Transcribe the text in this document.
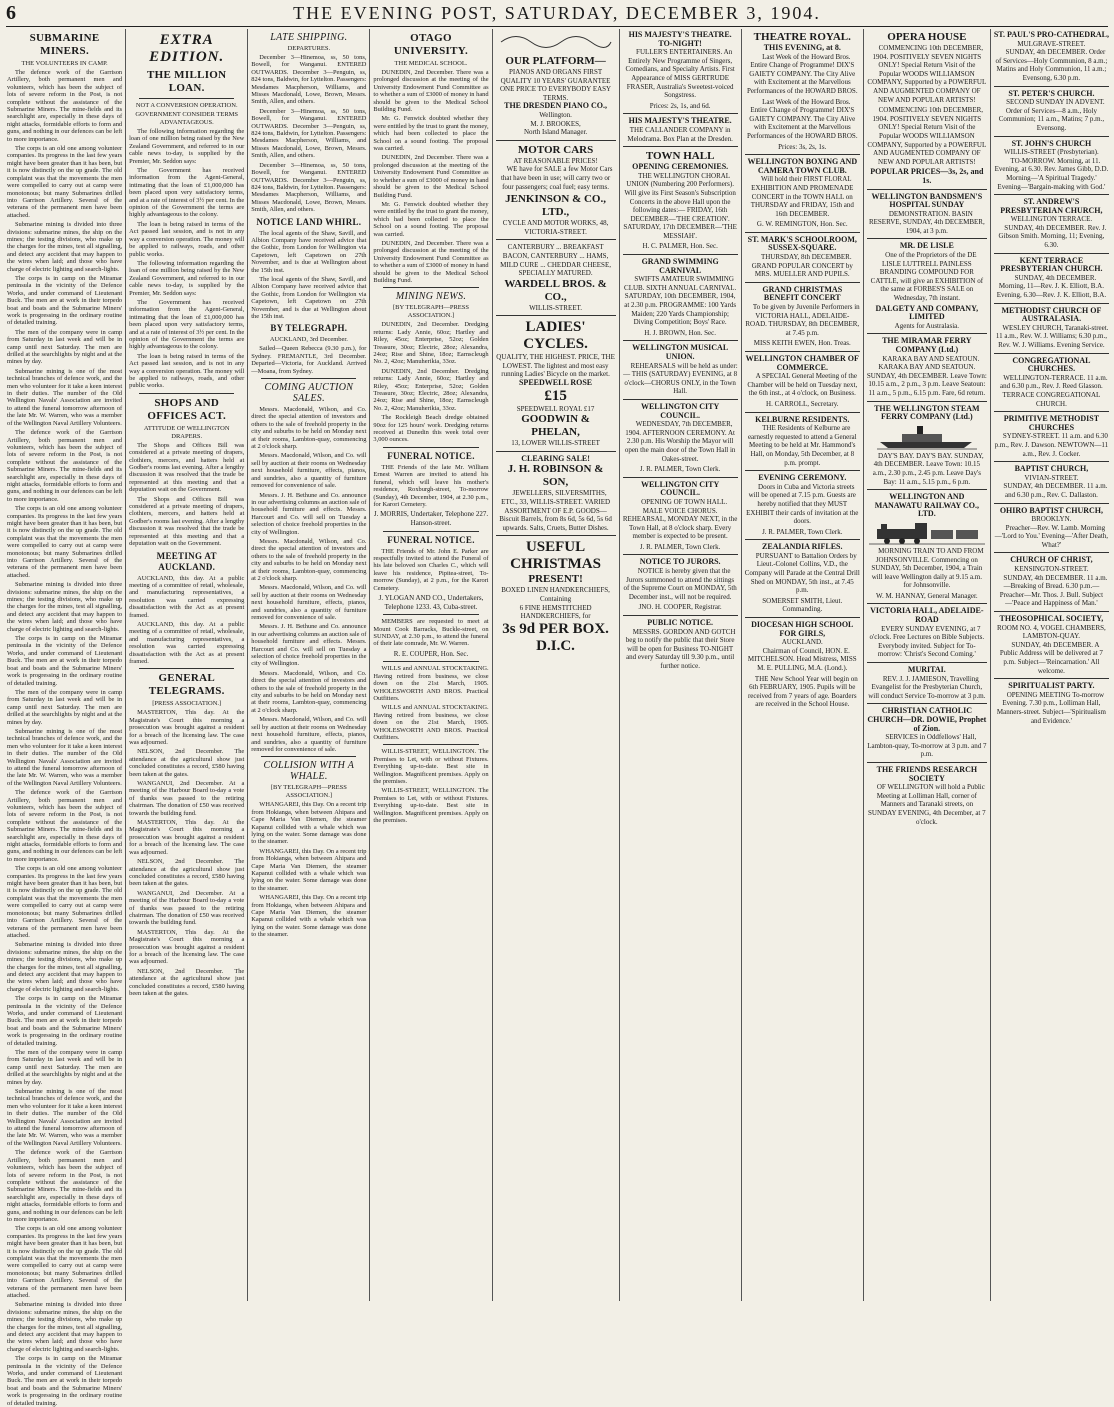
6	THE EVENING POST, SATURDAY, DECEMBER 3, 1904.
SUBMARINE MINERS.
THE VOLUNTEERS IN CAMP.

The defence work of the Garrison Artillery, both permanent men and volunteers, which has been the subject of lots of severe reform in the Post, is not complete without the assistance of the Submarine Miners. The mine-fields and its searchlight are, especially in these days of night attacks, formidable efforts to form and guns, and nothing in our defences can be left to more importance.

The corps is an old one among volunteer companies. Its progress in the last few years might have been greater than it has been, but it is now distinctly on the up grade. The old complaint was that the movements the men were compelled to carry out at camp were monotonous; but many Submarines drilled into Garrison Artillery. Several of the veterans of the permanent men have been attached.

Submarine mining is divided into three divisions: submarine mines, the ship on the mines; the testing divisions, who make up the charges for the mines, test all signalling, and detect any accident that may happen to the wires when laid; and those who have charge of electric lighting and search-lights.

The corps is in camp on the Miramar peninsula in the vicinity of the Defence Works, and under command of Lieutenant Buck. The men are at work in their torpedo boat and boats and the Submarine Miners' work is progressing in the ordinary routine of detailed training.

The men of the company were in camp from Saturday in last week and will be in camp until next Saturday. The men are drilled at the searchlights by night and at the mines by day.

Submarine mining is one of the most technical branches of defence work, and the men who volunteer for it take a keen interest in their duties. The number of the Old Wellington Navals' Association are invited to attend the funeral tomorrow afternoon of the late Mr. W. Warren, who was a member of the Wellington Naval Artillery Volunteers.

The defence work of the Garrison Artillery, both permanent men and volunteers, which has been the subject of lots of severe reform in the Post, is not complete without the assistance of the Submarine Miners. The mine-fields and its searchlight are, especially in these days of night attacks, formidable efforts to form and guns, and nothing in our defences can be left to more importance.

The corps is an old one among volunteer companies. Its progress in the last few years might have been greater than it has been, but it is now distinctly on the up grade. The old complaint was that the movements the men were compelled to carry out at camp were monotonous; but many Submarines drilled into Garrison Artillery. Several of the veterans of the permanent men have been attached.

Submarine mining is divided into three divisions: submarine mines, the ship on the mines; the testing divisions, who make up the charges for the mines, test all signalling, and detect any accident that may happen to the wires when laid; and those who have charge of electric lighting and search-lights.

The corps is in camp on the Miramar peninsula in the vicinity of the Defence Works, and under command of Lieutenant Buck. The men are at work in their torpedo boat and boats and the Submarine Miners' work is progressing in the ordinary routine of detailed training.

The men of the company were in camp from Saturday in last week and will be in camp until next Saturday. The men are drilled at the searchlights by night and at the mines by day.

Submarine mining is one of the most technical branches of defence work, and the men who volunteer for it take a keen interest in their duties. The number of the Old Wellington Navals' Association are invited to attend the funeral tomorrow afternoon of the late Mr. W. Warren, who was a member of the Wellington Naval Artillery Volunteers.

The defence work of the Garrison Artillery, both permanent men and volunteers, which has been the subject of lots of severe reform in the Post, is not complete without the assistance of the Submarine Miners. The mine-fields and its searchlight are, especially in these days of night attacks, formidable efforts to form and guns, and nothing in our defences can be left to more importance.

The corps is an old one among volunteer companies. Its progress in the last few years might have been greater than it has been, but it is now distinctly on the up grade. The old complaint was that the movements the men were compelled to carry out at camp were monotonous; but many Submarines drilled into Garrison Artillery. Several of the veterans of the permanent men have been attached.

Submarine mining is divided into three divisions: submarine mines, the ship on the mines; the testing divisions, who make up the charges for the mines, test all signalling, and detect any accident that may happen to the wires when laid; and those who have charge of electric lighting and search-lights.

The corps is in camp on the Miramar peninsula in the vicinity of the Defence Works, and under command of Lieutenant Buck. The men are at work in their torpedo boat and boats and the Submarine Miners' work is progressing in the ordinary routine of detailed training.

The men of the company were in camp from Saturday in last week and will be in camp until next Saturday. The men are drilled at the searchlights by night and at the mines by day.

Submarine mining is one of the most technical branches of defence work, and the men who volunteer for it take a keen interest in their duties. The number of the Old Wellington Navals' Association are invited to attend the funeral tomorrow afternoon of the late Mr. W. Warren, who was a member of the Wellington Naval Artillery Volunteers.

The defence work of the Garrison Artillery, both permanent men and volunteers, which has been the subject of lots of severe reform in the Post, is not complete without the assistance of the Submarine Miners. The mine-fields and its searchlight are, especially in these days of night attacks, formidable efforts to form and guns, and nothing in our defences can be left to more importance.

The corps is an old one among volunteer companies. Its progress in the last few years might have been greater than it has been, but it is now distinctly on the up grade. The old complaint was that the movements the men were compelled to carry out at camp were monotonous; but many Submarines drilled into Garrison Artillery. Several of the veterans of the permanent men have been attached.

Submarine mining is divided into three divisions: submarine mines, the ship on the mines; the testing divisions, who make up the charges for the mines, test all signalling, and detect any accident that may happen to the wires when laid; and those who have charge of electric lighting and search-lights.

The corps is in camp on the Miramar peninsula in the vicinity of the Defence Works, and under command of Lieutenant Buck. The men are at work in their torpedo boat and boats and the Submarine Miners' work is progressing in the ordinary routine of detailed training.

EXTRA EDITION.
THE MILLION LOAN.
NOT A CONVERSION OPERATION.
GOVERNMENT CONSIDER TERMS ADVANTAGEOUS.

The following information regarding the loan of one million being raised by the New Zealand Government, and referred to in our cable news to-day, is supplied by the Premier, Mr. Seddon says:

The Government has received information from the Agent-General, intimating that the loan of £1,000,000 has been placed upon very satisfactory terms, and at a rate of interest of 3½ per cent. In the opinion of the Government the terms are highly advantageous to the colony.

The loan is being raised in terms of the Act passed last session, and is not in any way a conversion operation. The money will be applied to railways, roads, and other public works.

The following information regarding the loan of one million being raised by the New Zealand Government, and referred to in our cable news to-day, is supplied by the Premier, Mr. Seddon says:

The Government has received information from the Agent-General, intimating that the loan of £1,000,000 has been placed upon very satisfactory terms, and at a rate of interest of 3½ per cent. In the opinion of the Government the terms are highly advantageous to the colony.

The loan is being raised in terms of the Act passed last session, and is not in any way a conversion operation. The money will be applied to railways, roads, and other public works.

SHOPS AND OFFICES ACT.
ATTITUDE OF WELLINGTON DRAPERS.

The Shops and Offices Bill was considered at a private meeting of drapers, clothiers, mercers, and hatters held at Godber's rooms last evening. After a lengthy discussion it was resolved that the trade be represented at this meeting and that a deputation wait on the Government.

The Shops and Offices Bill was considered at a private meeting of drapers, clothiers, mercers, and hatters held at Godber's rooms last evening. After a lengthy discussion it was resolved that the trade be represented at this meeting and that a deputation wait on the Government.

MEETING AT AUCKLAND.

AUCKLAND, this day. At a public meeting of a committee of retail, wholesale, and manufacturing representatives, a resolution was carried expressing dissatisfaction with the Act as at present framed.

AUCKLAND, this day. At a public meeting of a committee of retail, wholesale, and manufacturing representatives, a resolution was carried expressing dissatisfaction with the Act as at present framed.

GENERAL TELEGRAMS.
[PRESS ASSOCIATION.]

MASTERTON, This day. At the Magistrate's Court this morning a prosecution was brought against a resident for a breach of the licensing law. The case was adjourned.

NELSON, 2nd December. The attendance at the agricultural show just concluded constitutes a record, £580 having been taken at the gates.

WANGANUI, 2nd December. At a meeting of the Harbour Board to-day a vote of thanks was passed to the retiring chairman. The donation of £50 was received towards the building fund.

MASTERTON, This day. At the Magistrate's Court this morning a prosecution was brought against a resident for a breach of the licensing law. The case was adjourned.

NELSON, 2nd December. The attendance at the agricultural show just concluded constitutes a record, £580 having been taken at the gates.

WANGANUI, 2nd December. At a meeting of the Harbour Board to-day a vote of thanks was passed to the retiring chairman. The donation of £50 was received towards the building fund.

MASTERTON, This day. At the Magistrate's Court this morning a prosecution was brought against a resident for a breach of the licensing law. The case was adjourned.

NELSON, 2nd December. The attendance at the agricultural show just concluded constitutes a record, £580 having been taken at the gates.

LATE SHIPPING.
DEPARTURES.

December 3—Hinemoa, ss, 50 tons, Bowell, for Wanganui. ENTERED OUTWARDS. December 3—Penguin, ss, 824 tons, Baldwin, for Lyttelton. Passengers: Mesdames Macpherson, Williams, and Misses Macdonald, Lowe, Brown, Messrs. Smith, Allen, and others.

December 3—Hinemoa, ss, 50 tons, Bowell, for Wanganui. ENTERED OUTWARDS. December 3—Penguin, ss, 824 tons, Baldwin, for Lyttelton. Passengers: Mesdames Macpherson, Williams, and Misses Macdonald, Lowe, Brown, Messrs. Smith, Allen, and others.

December 3—Hinemoa, ss, 50 tons, Bowell, for Wanganui. ENTERED OUTWARDS. December 3—Penguin, ss, 824 tons, Baldwin, for Lyttelton. Passengers: Mesdames Macpherson, Williams, and Misses Macdonald, Lowe, Brown, Messrs. Smith, Allen, and others.

NOTICE LAND WHIRL.

The local agents of the Shaw, Savill, and Albion Company have received advice that the Gothic, from London for Wellington via Capetown, left Capetown on 27th November, and is due at Wellington about the 15th inst.

The local agents of the Shaw, Savill, and Albion Company have received advice that the Gothic, from London for Wellington via Capetown, left Capetown on 27th November, and is due at Wellington about the 15th inst.

BY TELEGRAPH.
AUCKLAND, 3rd December.

Sailed—Queen Rebecca (9.30 p.m.), for Sydney. FREMANTLE, 3rd December. Departed—Victoria, for Auckland. Arrived—Moana, from Sydney.

COMING AUCTION SALES.

Messrs. Macdonald, Wilson, and Co. direct the special attention of investors and others to the sale of freehold property in the city and suburbs to be held on Monday next at their rooms, Lambton-quay, commencing at 2 o'clock sharp.

Messrs. Macdonald, Wilson, and Co. will sell by auction at their rooms on Wednesday next household furniture, effects, pianos, and sundries, also a quantity of furniture removed for convenience of sale.

Messrs. J. H. Bethune and Co. announce in our advertising columns an auction sale of household furniture and effects. Messrs. Harcourt and Co. will sell on Tuesday a selection of choice freehold properties in the city of Wellington.

Messrs. Macdonald, Wilson, and Co. direct the special attention of investors and others to the sale of freehold property in the city and suburbs to be held on Monday next at their rooms, Lambton-quay, commencing at 2 o'clock sharp.

Messrs. Macdonald, Wilson, and Co. will sell by auction at their rooms on Wednesday next household furniture, effects, pianos, and sundries, also a quantity of furniture removed for convenience of sale.

Messrs. J. H. Bethune and Co. announce in our advertising columns an auction sale of household furniture and effects. Messrs. Harcourt and Co. will sell on Tuesday a selection of choice freehold properties in the city of Wellington.

Messrs. Macdonald, Wilson, and Co. direct the special attention of investors and others to the sale of freehold property in the city and suburbs to be held on Monday next at their rooms, Lambton-quay, commencing at 2 o'clock sharp.

Messrs. Macdonald, Wilson, and Co. will sell by auction at their rooms on Wednesday next household furniture, effects, pianos, and sundries, also a quantity of furniture removed for convenience of sale.

COLLISION WITH A WHALE.
[BY TELEGRAPH—PRESS ASSOCIATION.]

WHANGAREI, this Day. On a recent trip from Hokianga, when between Ahipara and Cape Maria Van Diemen, the steamer Kapanui collided with a whale which was lying on the water. Some damage was done to the steamer.

WHANGAREI, this Day. On a recent trip from Hokianga, when between Ahipara and Cape Maria Van Diemen, the steamer Kapanui collided with a whale which was lying on the water. Some damage was done to the steamer.

WHANGAREI, this Day. On a recent trip from Hokianga, when between Ahipara and Cape Maria Van Diemen, the steamer Kapanui collided with a whale which was lying on the water. Some damage was done to the steamer.

OTAGO UNIVERSITY.
THE MEDICAL SCHOOL.

DUNEDIN, 2nd December. There was a prolonged discussion at the meeting of the University Endowment Fund Committee as to whether a sum of £3000 of money in hand should be given to the Medical School Building Fund.

Mr. G. Fenwick doubted whether they were entitled by the trust to grant the money, which had been collected to place the School on a sound footing. The proposal was carried.

DUNEDIN, 2nd December. There was a prolonged discussion at the meeting of the University Endowment Fund Committee as to whether a sum of £3000 of money in hand should be given to the Medical School Building Fund.

Mr. G. Fenwick doubted whether they were entitled by the trust to grant the money, which had been collected to place the School on a sound footing. The proposal was carried.

DUNEDIN, 2nd December. There was a prolonged discussion at the meeting of the University Endowment Fund Committee as to whether a sum of £3000 of money in hand should be given to the Medical School Building Fund.

MINING NEWS.
[BY TELEGRAPH—PRESS ASSOCIATION.]

DUNEDIN, 2nd December. Dredging returns: Lady Annie, 60oz; Hartley and Riley, 45oz; Enterprise, 52oz; Golden Treasure, 30oz; Electric, 28oz; Alexandra, 24oz; Rise and Shine, 18oz; Earnscleugh No. 2, 42oz; Manuherikia, 33oz.

DUNEDIN, 2nd December. Dredging returns: Lady Annie, 60oz; Hartley and Riley, 45oz; Enterprise, 52oz; Golden Treasure, 30oz; Electric, 28oz; Alexandra, 24oz; Rise and Shine, 18oz; Earnscleugh No. 2, 42oz; Manuherikia, 33oz.

The Rockleigh Beach dredge obtained 90oz for 125 hours' work. Dredging returns received at Dunedin this week total over 3,000 ounces.

FUNERAL NOTICE.

THE Friends of the late Mr. William Ernest Warren are invited to attend his funeral, which will leave his mother's residence, Roxburgh-street, To-morrow (Sunday), 4th December, 1904, at 2.30 p.m., for Karori Cemetery.

J. MORRIS, Undertaker, Telephone 227. Hanson-street.
FUNERAL NOTICE.

THE Friends of Mr. John E. Parker are respectfully invited to attend the Funeral of his late beloved son Charles C., which will leave his residence, Pipitea-street, To-morrow (Sunday), at 2 p.m., for the Karori Cemetery.

J. YLOGAN AND CO., Undertakers, Telephone 1233. 43, Cuba-street.

MEMBERS are requested to meet at Mount Cook Barracks, Buckle-street, on SUNDAY, at 2.30 p.m., to attend the funeral of their late comrade, Mr. W. Warren.

R. E. COUPER, Hon. Sec.

WILLS and ANNUAL STOCKTAKING. Having retired from business, we close down on the 21st March, 1905. WHOLESWORTH AND BROS. Practical Outfitters.

WILLS and ANNUAL STOCKTAKING. Having retired from business, we close down on the 21st March, 1905. WHOLESWORTH AND BROS. Practical Outfitters.

WILLIS-STREET, WELLINGTON. The Premises to Let, with or without Fixtures. Everything up-to-date. Best site in Wellington. Magnificent premises. Apply on the premises.

WILLIS-STREET, WELLINGTON. The Premises to Let, with or without Fixtures. Everything up-to-date. Best site in Wellington. Magnificent premises. Apply on the premises.

OUR PLATFORM—
PIANOS AND ORGANS FIRST QUALITY 10 YEARS' GUARANTEE ONE PRICE TO EVERYBODY EASY TERMS.
THE DRESDEN PIANO CO.,
Wellington.
M. J. BROOKES,
North Island Manager.
MOTOR CARS
AT REASONABLE PRICES!

WE have for SALE a few Motor Cars that have been in use; will carry two or four passengers; coal fuel; easy terms.

JENKINSON & CO., LTD.,
CYCLE AND MOTOR WORKS, 48, VICTORIA-STREET.
CANTERBURY ... BREAKFAST BACON, CANTERBURY ... HAMS, MILD CURE ... CHEDDAR CHEESE, SPECIALLY MATURED.
WARDELL BROS. & CO.,
WILLIS-STREET.
LADIES' CYCLES.
QUALITY, THE HIGHEST. PRICE, THE LOWEST. The lightest and most easy running Ladies' Bicycle on the market.
SPEEDWELL ROSE
£15
SPEEDWELL ROYAL £17
GOODWIN & PHELAN,
13, LOWER WILLIS-STREET
CLEARING SALE!
J. H. ROBINSON & SON,

JEWELLERS, SILVERSMITHS, ETC., 33, WILLIS-STREET. VARIED ASSORTMENT OF E.P. GOODS— Biscuit Barrels, from 8s 6d, 5s 6d, 5s 6d upwards. Salts, Cruets, Butter Dishes.

USEFUL
CHRISTMAS
PRESENT!
BOXED LINEN HANDKERCHIEFS,
Containing
6 FINE HEMSTITCHED HANDKERCHIEFS, for
3s 9d PER BOX.
D.I.C.
HIS MAJESTY'S THEATRE. TO-NIGHT!

FULLER'S ENTERTAINERS. An Entirely New Programme of Singers, Comedians, and Specialty Artists. First Appearance of MISS GERTRUDE FRASER, Australia's Sweetest-voiced Songstress.

Prices: 2s, 1s, and 6d.
HIS MAJESTY'S THEATRE.
THE CALLANDER COMPANY in Melodrama. Box Plan at the Dresden.
TOWN HALL
OPENING CEREMONIES.

THE WELLINGTON CHORAL UNION (Numbering 200 Performers). Will give its First Season's Subscription Concerts in the above Hall upon the following dates:— FRIDAY, 16th DECEMBER—'THE CREATION'. SATURDAY, 17th DECEMBER—'THE MESSIAH'.

H. C. PALMER, Hon. Sec.
GRAND SWIMMING CARNIVAL

SWIFTS AMATEUR SWIMMING CLUB. SIXTH ANNUAL CARNIVAL. SATURDAY, 10th DECEMBER, 1904, at 2.30 p.m. PROGRAMME: 100 Yards Maiden; 220 Yards Championship; Diving Competition; Boys' Race.

H. J. BROWN, Hon. Sec.
WELLINGTON MUSICAL UNION.

REHEARSALS will be held as under:— THIS (SATURDAY) EVENING, at 8 o'clock—CHORUS ONLY, in the Town Hall.

WELLINGTON CITY COUNCIL.

WEDNESDAY, 7th DECEMBER, 1904. AFTERNOON CEREMONY. At 2.30 p.m. His Worship the Mayor will open the main door of the Town Hall in Oakes-street.

J. R. PALMER, Town Clerk.
WELLINGTON CITY COUNCIL.

OPENING OF TOWN HALL. MALE VOICE CHORUS. REHEARSAL, MONDAY NEXT, in the Town Hall, at 8 o'clock sharp. Every member is expected to be present.

J. R. PALMER, Town Clerk.
NOTICE TO JURORS.

NOTICE is hereby given that the Jurors summoned to attend the sittings of the Supreme Court on MONDAY, 5th December inst., will not be required.

JNO. H. COOPER, Registrar.
PUBLIC NOTICE.

MESSRS. GORDON AND GOTCH beg to notify the public that their Store will be open for Business TO-NIGHT and every Saturday till 9.30 p.m., until further notice.

THEATRE ROYAL.
THIS EVENING, at 8.

Last Week of the Howard Bros. Entire Change of Programme! DIX'S GAIETY COMPANY. The City Alive with Excitement at the Marvellous Performances of the HOWARD BROS.

Last Week of the Howard Bros. Entire Change of Programme! DIX'S GAIETY COMPANY. The City Alive with Excitement at the Marvellous Performances of the HOWARD BROS.

Prices: 3s, 2s, 1s.
WELLINGTON BOXING AND CAMERA TOWN CLUB.

Will hold their FIRST FLORAL EXHIBITION AND PROMENADE CONCERT in the TOWN HALL on THURSDAY and FRIDAY, 15th and 16th DECEMBER.

G. W. REMINGTON, Hon. Sec.
ST. MARK'S SCHOOLROOM, SUSSEX-SQUARE.

THURSDAY, 8th DECEMBER. GRAND POPULAR CONCERT by MRS. MUELLER AND PUPILS.

GRAND CHRISTMAS BENEFIT CONCERT

To be given by Juvenile Performers in VICTORIA HALL, ADELAIDE-ROAD. THURSDAY, 8th DECEMBER, at 7.45 p.m.

MISS KEITH EWEN, Hon. Treas.
WELLINGTON CHAMBER OF COMMERCE.

A SPECIAL General Meeting of the Chamber will be held on Tuesday next, the 6th inst., at 4 o'clock, on Business.

H. CARROLL, Secretary.
KELBURNE RESIDENTS.

THE Residents of Kelburne are earnestly requested to attend a General Meeting to be held at Mr. Hammond's Hall, on Monday, 5th December, at 8 p.m. prompt.

EVENING CEREMONY.

Doors in Cuba and Victoria streets will be opened at 7.15 p.m. Guests are hereby notified that they MUST EXHIBIT their cards of invitation at the doors.

J. R. PALMER, Town Clerk.
ZEALANDIA RIFLES.

PURSUANT to Battalion Orders by Lieut.-Colonel Collins, V.D., the Company will Parade at the Central Drill Shed on MONDAY, 5th inst., at 7.45 p.m.

SOMERSET SMITH, Lieut. Commanding.
DIOCESAN HIGH SCHOOL FOR GIRLS,
AUCKLAND.

Chairman of Council, HON. E. MITCHELSON. Head Mistress, MISS M. E. PULLING, M.A. (Lond.).

THE New School Year will begin on 6th FEBRUARY, 1905. Pupils will be received from 7 years of age. Boarders are received in the School House.

OPERA HOUSE

COMMENCING 10th DECEMBER, 1904. POSITIVELY SEVEN NIGHTS ONLY! Special Return Visit of the Popular WOODS WILLIAMSON COMPANY, Supported by a POWERFUL AND AUGMENTED COMPANY OF NEW AND POPULAR ARTISTS!

COMMENCING 10th DECEMBER, 1904. POSITIVELY SEVEN NIGHTS ONLY! Special Return Visit of the Popular WOODS WILLIAMSON COMPANY, Supported by a POWERFUL AND AUGMENTED COMPANY OF NEW AND POPULAR ARTISTS!

POPULAR PRICES—3s, 2s, and 1s.
WELLINGTON BANDSMEN'S HOSPITAL SUNDAY

DEMONSTRATION. BASIN RESERVE, SUNDAY, 4th DECEMBER, 1904, at 3 p.m.

MR. DE LISLE

One of the Proprietors of the DE LISLE LUTTRELL PAINLESS BRANDING COMPOUND FOR CATTLE, will give an EXHIBITION of the same at FORBES'S SALE on Wednesday, 7th instant.

DALGETY AND COMPANY, LIMITED
Agents for Australasia.
THE MIRAMAR FERRY COMPANY (Ltd.)

KARAKA BAY AND SEATOUN. KARAKA BAY AND SEATOUN. SUNDAY, 4th DECEMBER. Leave Town: 10.15 a.m., 2 p.m., 3 p.m. Leave Seatoun: 11 a.m., 5 p.m., 6.15 p.m. Fare, 6d return.

THE WELLINGTON STEAM FERRY COMPANY (Ltd.)

DAY'S BAY. DAY'S BAY. SUNDAY, 4th DECEMBER. Leave Town: 10.15 a.m., 2.30 p.m., 2.45 p.m. Leave Day's Bay: 11 a.m., 5.15 p.m., 6 p.m.

WELLINGTON AND MANAWATU RAILWAY CO., LTD.

MORNING TRAIN TO AND FROM JOHNSONVILLE. Commencing on SUNDAY, 5th December, 1904, a Train will leave Wellington daily at 9.15 a.m. for Johnsonville.

W. M. HANNAY, General Manager.
VICTORIA HALL, ADELAIDE-ROAD

EVERY SUNDAY EVENING, at 7 o'clock. Free Lectures on Bible Subjects. Everybody invited. Subject for To-morrow: 'Christ's Second Coming.'

MURITAI.

REV. J. J. JAMIESON, Travelling Evangelist for the Presbyterian Church, will conduct Service To-morrow at 3 p.m.

CHRISTIAN CATHOLIC CHURCH—DR. DOWIE, Prophet of Zion.

SERVICES in Oddfellows' Hall, Lambton-quay, To-morrow at 3 p.m. and 7 p.m.

THE FRIENDS RESEARCH SOCIETY

OF WELLINGTON will hold a Public Meeting at Lolliman Hall, corner of Manners and Taranaki streets, on SUNDAY EVENING, 4th December, at 7 o'clock.

ST. PAUL'S PRO-CATHEDRAL,
MULGRAVE-STREET.

SUNDAY, 4th DECEMBER. Order of Services—Holy Communion, 8 a.m.; Matins and Holy Communion, 11 a.m.; Evensong, 6.30 p.m.

ST. PETER'S CHURCH.

SECOND SUNDAY IN ADVENT. Order of Services—8 a.m., Holy Communion; 11 a.m., Matins; 7 p.m., Evensong.

ST. JOHN'S CHURCH
WILLIS-STREET (Presbyterian).

TO-MORROW. Morning, at 11. Evening, at 6.30. Rev. James Gibb, D.D. Morning—'A Spiritual Tragedy.' Evening—'Bargain-making with God.'

ST. ANDREW'S PRESBYTERIAN CHURCH,
WELLINGTON TERRACE.

SUNDAY, 4th DECEMBER. Rev. J. Gibson Smith. Morning, 11; Evening, 6.30.

KENT TERRACE PRESBYTERIAN CHURCH.

SUNDAY, 4th DECEMBER. Morning, 11—Rev. J. K. Elliott, B.A. Evening, 6.30—Rev. J. K. Elliott, B.A.

METHODIST CHURCH OF AUSTRALASIA.

WESLEY CHURCH, Taranaki-street. 11 a.m., Rev. W. J. Williams; 6.30 p.m., Rev. W. J. Williams. Evening Service.

CONGREGATIONAL CHURCHES.

WELLINGTON-TERRACE. 11 a.m. and 6.30 p.m., Rev. J. Reed Glasson. TERRACE CONGREGATIONAL CHURCH.

PRIMITIVE METHODIST CHURCHES

SYDNEY-STREET. 11 a.m. and 6.30 p.m., Rev. J. Dawson. NEWTOWN—11 a.m., Rev. J. Cocker.

BAPTIST CHURCH,
VIVIAN-STREET.

SUNDAY, 4th DECEMBER. 11 a.m. and 6.30 p.m., Rev. C. Dallaston.

OHIRO BAPTIST CHURCH,
BROOKLYN.

Preacher—Rev. W. Lamb. Morning—'Lord to You.' Evening—'After Death, What?'

CHURCH OF CHRIST,
KENSINGTON-STREET.

SUNDAY, 4th DECEMBER. 11 a.m.—Breaking of Bread. 6.30 p.m.—Preacher—Mr. Thos. J. Bull. Subject—'Peace and Happiness of Man.'

THEOSOPHICAL SOCIETY,
ROOM NO. 4, VOGEL CHAMBERS, LAMBTON-QUAY.

SUNDAY, 4th DECEMBER. A Public Address will be delivered at 7 p.m. Subject—'Reincarnation.' All welcome.

SPIRITUALIST PARTY.

OPENING MEETING To-morrow Evening. 7.30 p.m., Lolliman Hall, Manners-street. Subject—'Spiritualism and Evidence.'
